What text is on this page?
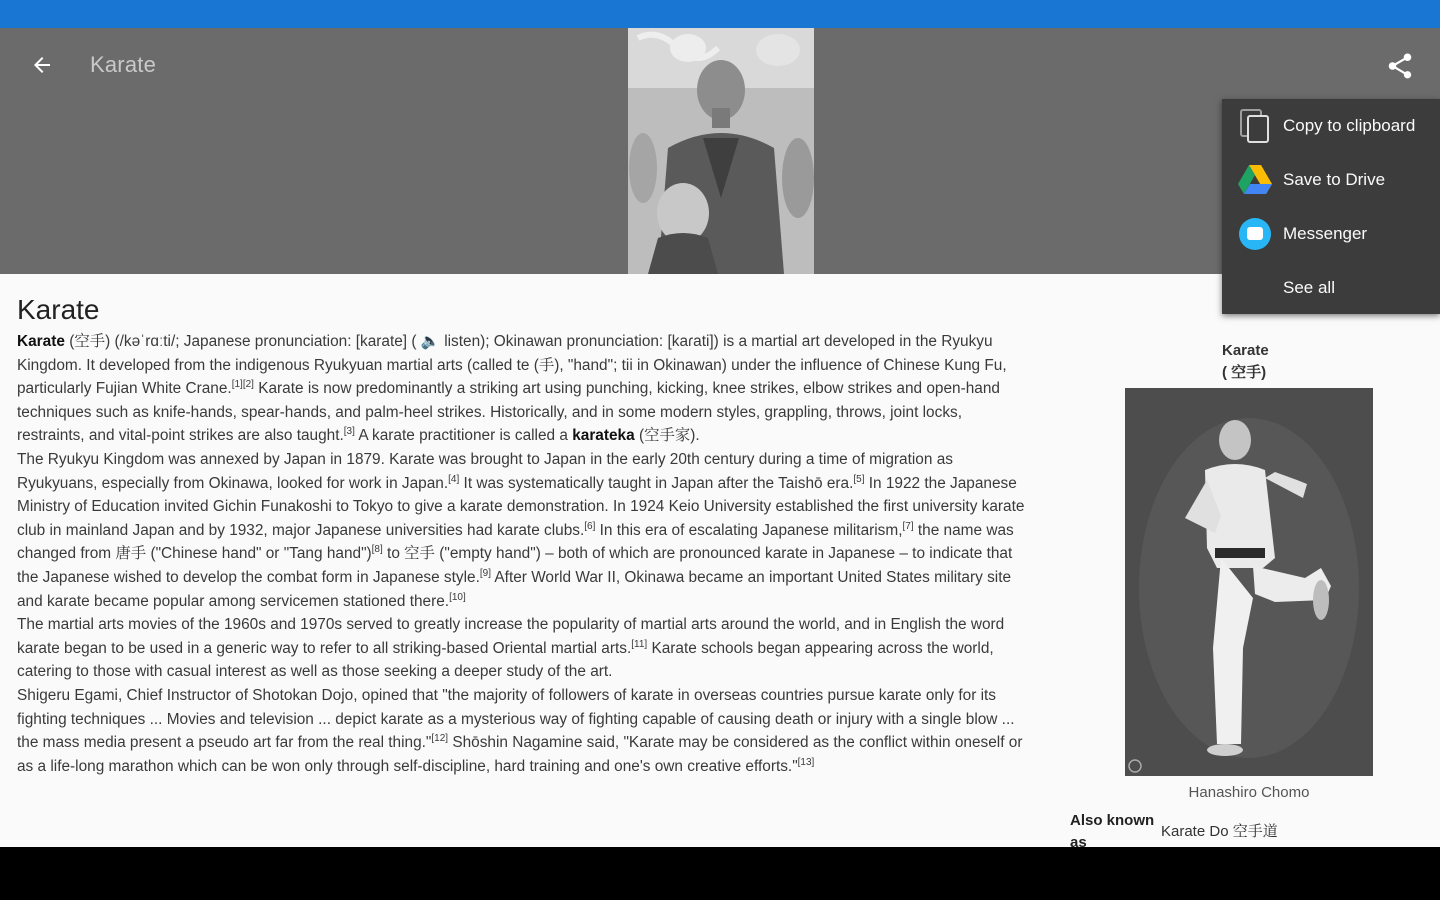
Karate
Karate

Karate (空手) (/kəˈrɑːti/; Japanese pronunciation: [karate] ( 🔈 listen); Okinawan pronunciation: [kaɾati]) is a martial art developed in the Ryukyu Kingdom. It developed from the indigenous Ryukyuan martial arts (called te (手), "hand"; tii in Okinawan) under the influence of Chinese Kung Fu, particularly Fujian White Crane.[1][2] Karate is now predominantly a striking art using punching, kicking, knee strikes, elbow strikes and open-hand techniques such as knife-hands, spear-hands, and palm-heel strikes. Historically, and in some modern styles, grappling, throws, joint locks, restraints, and vital-point strikes are also taught.[3] A karate practitioner is called a karateka (空手家).

The Ryukyu Kingdom was annexed by Japan in 1879. Karate was brought to Japan in the early 20th century during a time of migration as Ryukyuans, especially from Okinawa, looked for work in Japan.[4] It was systematically taught in Japan after the Taishō era.[5] In 1922 the Japanese Ministry of Education invited Gichin Funakoshi to Tokyo to give a karate demonstration. In 1924 Keio University established the first university karate club in mainland Japan and by 1932, major Japanese universities had karate clubs.[6] In this era of escalating Japanese militarism,[7] the name was changed from 唐手 ("Chinese hand" or "Tang hand")[8] to 空手 ("empty hand") – both of which are pronounced karate in Japanese – to indicate that the Japanese wished to develop the combat form in Japanese style.[9] After World War II, Okinawa became an important United States military site and karate became popular among servicemen stationed there.[10]

The martial arts movies of the 1960s and 1970s served to greatly increase the popularity of martial arts around the world, and in English the word karate began to be used in a generic way to refer to all striking-based Oriental martial arts.[11] Karate schools began appearing across the world, catering to those with casual interest as well as those seeking a deeper study of the art.

Shigeru Egami, Chief Instructor of Shotokan Dojo, opined that "the majority of followers of karate in overseas countries pursue karate only for its fighting techniques ... Movies and television ... depict karate as a mysterious way of fighting capable of causing death or injury with a single blow ... the mass media present a pseudo art far from the real thing."[12] Shōshin Nagamine said, "Karate may be considered as the conflict within oneself or as a life-long marathon which can be won only through self-discipline, hard training and one's own creative efforts."[13]

Karate
( 空手)
Hanashiro Chomo
Also known as
Karate Do 空手道
Copy to clipboard
Save to Drive
Messenger
See all
